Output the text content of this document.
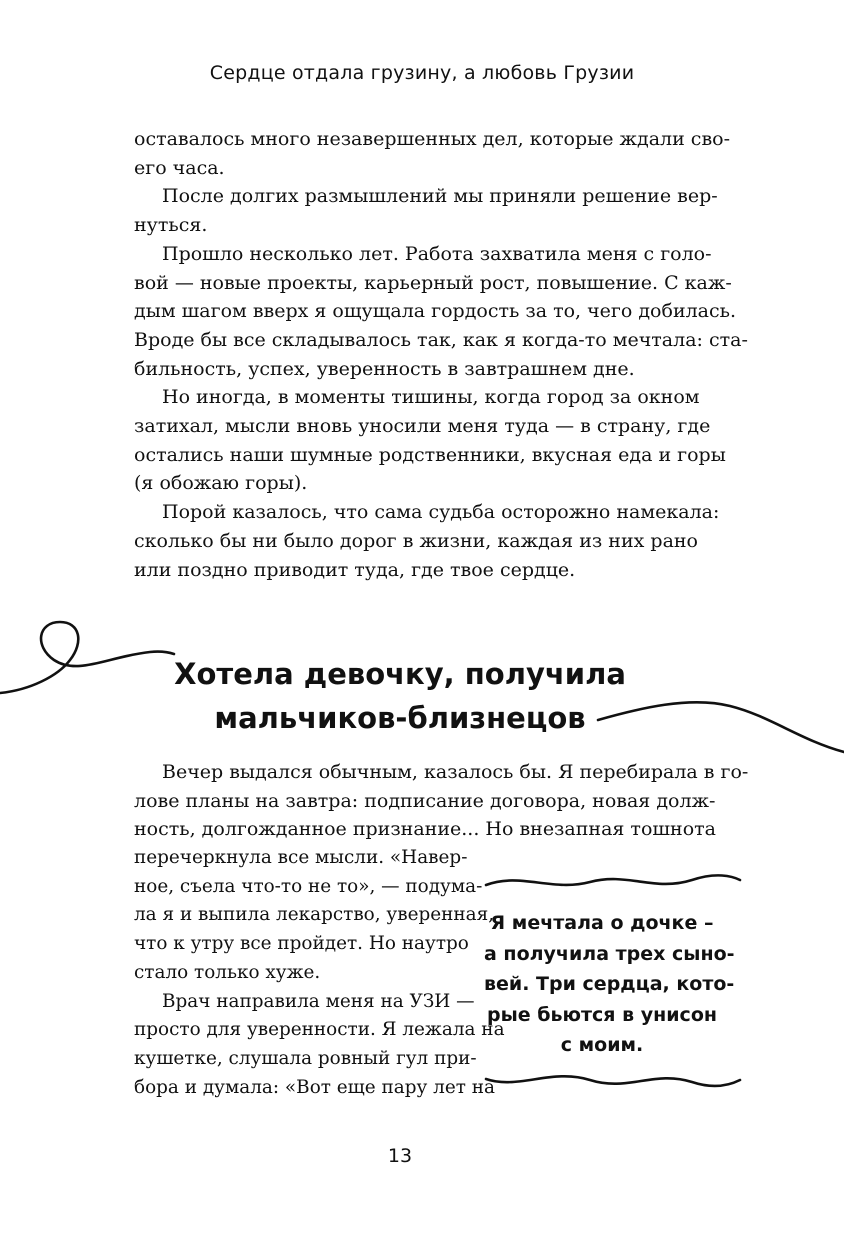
Сердце отдала грузину, а любовь Грузии
оставалось много незавершенных дел, которые ждали сво-
его часа.
После долгих размышлений мы приняли решение вер-
нуться.
Прошло несколько лет. Работа захватила меня с голо-
вой — новые проекты, карьерный рост, повышение. С каж-
дым шагом вверх я ощущала гордость за то, чего добилась.
Вроде бы все складывалось так, как я когда-то мечтала: ста-
бильность, успех, уверенность в завтрашнем дне.
Но иногда, в моменты тишины, когда город за окном
затихал, мысли вновь уносили меня туда — в страну, где
остались наши шумные родственники, вкусная еда и горы
(я обожаю горы).
Порой казалось, что сама судьба осторожно намекала:
сколько бы ни было дорог в жизни, каждая из них рано
или поздно приводит туда, где твое сердце.
Хотела девочку, получила
мальчиков-близнецов
Вечер выдался обычным, казалось бы. Я перебирала в го-
лове планы на завтра: подписание договора, новая долж-
ность, долгожданное признание... Но внезапная тошнота
перечеркнула все мысли. «Навер-
ное, съела что-то не то», — подума-
ла я и выпила лекарство, уверенная,
что к утру все пройдет. Но наутро
стало только хуже.
Врач направила меня на УЗИ —
просто для уверенности. Я лежала на
кушетке, слушала ровный гул при-
бора и думала: «Вот еще пару лет на
Я мечтала о дочке –
а получила трех сыно-
вей. Три сердца, кото-
рые бьются в унисон
с моим.
13
